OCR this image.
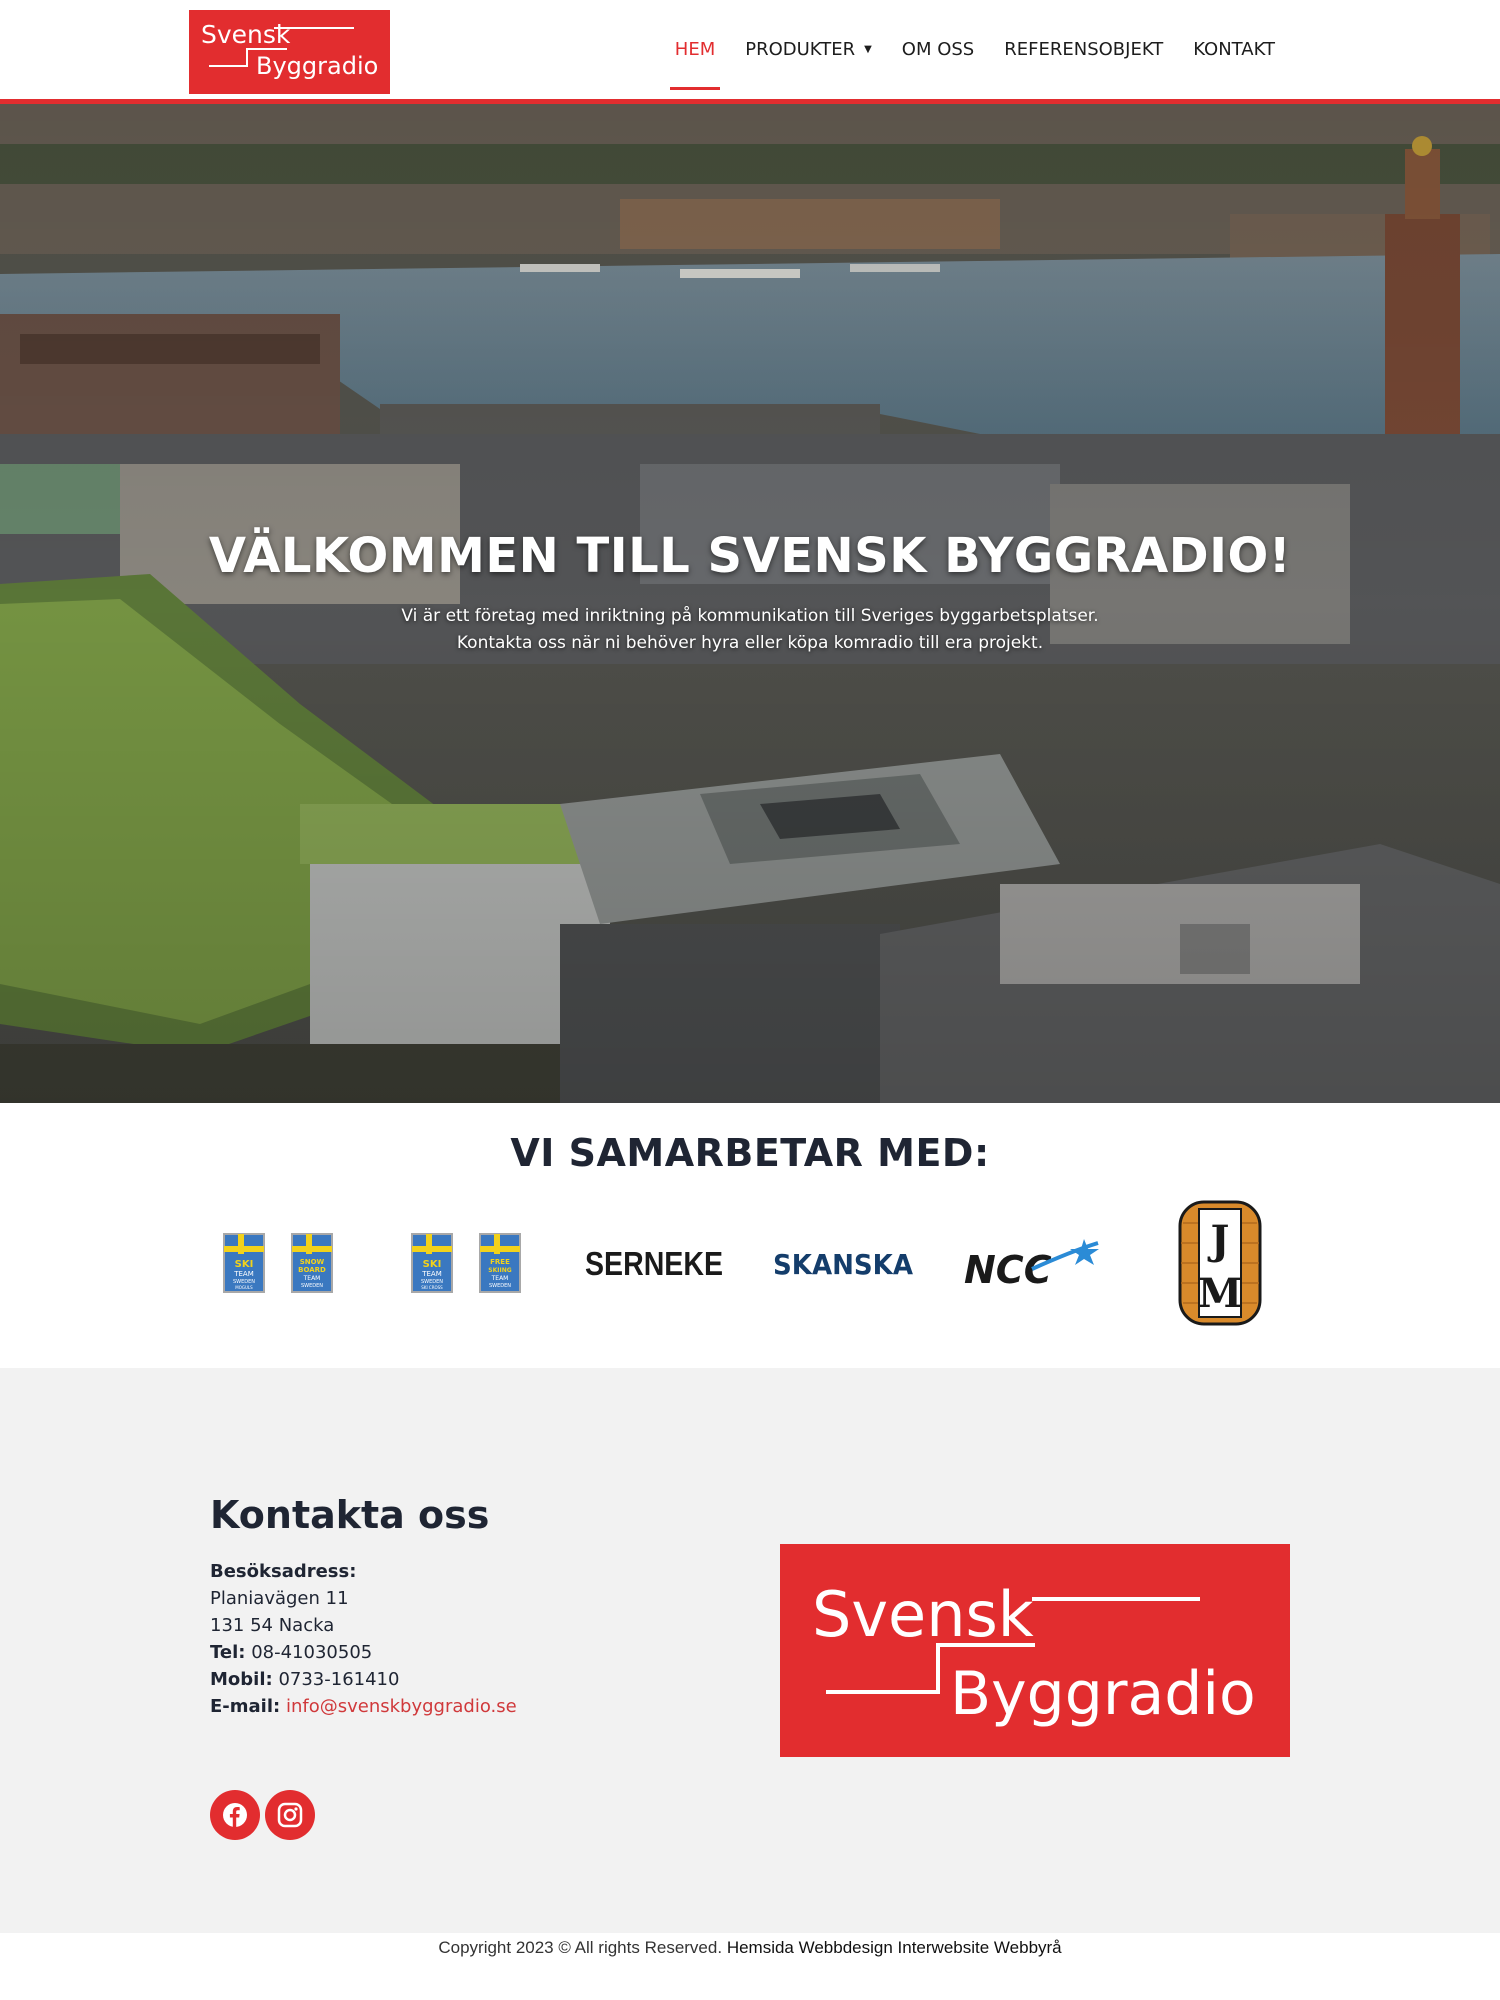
Svensk
Byggradio
HEM PRODUKTER ▼ OM OSS REFERENSOBJEKT KONTAKT
VÄLKOMMEN TILL SVENSK BYGGRADIO!

Vi är ett företag med inriktning på kommunikation till Sveriges byggarbetsplatser.

Kontakta oss när ni behöver hyra eller köpa komradio till era projekt.

VI SAMARBETAR MED:
SKI
TEAM
SWEDEN
MOGULS
SNOW
BOARD
TEAM
SWEDEN
SKI
TEAM
SWEDEN
SKI CROSS
FREE
SKIING
TEAM
SWEDEN
SERNEKE SKANSKA NCC
J
M
Kontakta oss
Besöksadress:
Planiavägen 11
131 54 Nacka
Tel: 08-41030505
Mobil: 0733-161410
E-mail: info@svenskbyggradio.se
Svensk
Byggradio
Copyright 2023 © All rights Reserved. Hemsida Webbdesign Interwebsite Webbyrå
